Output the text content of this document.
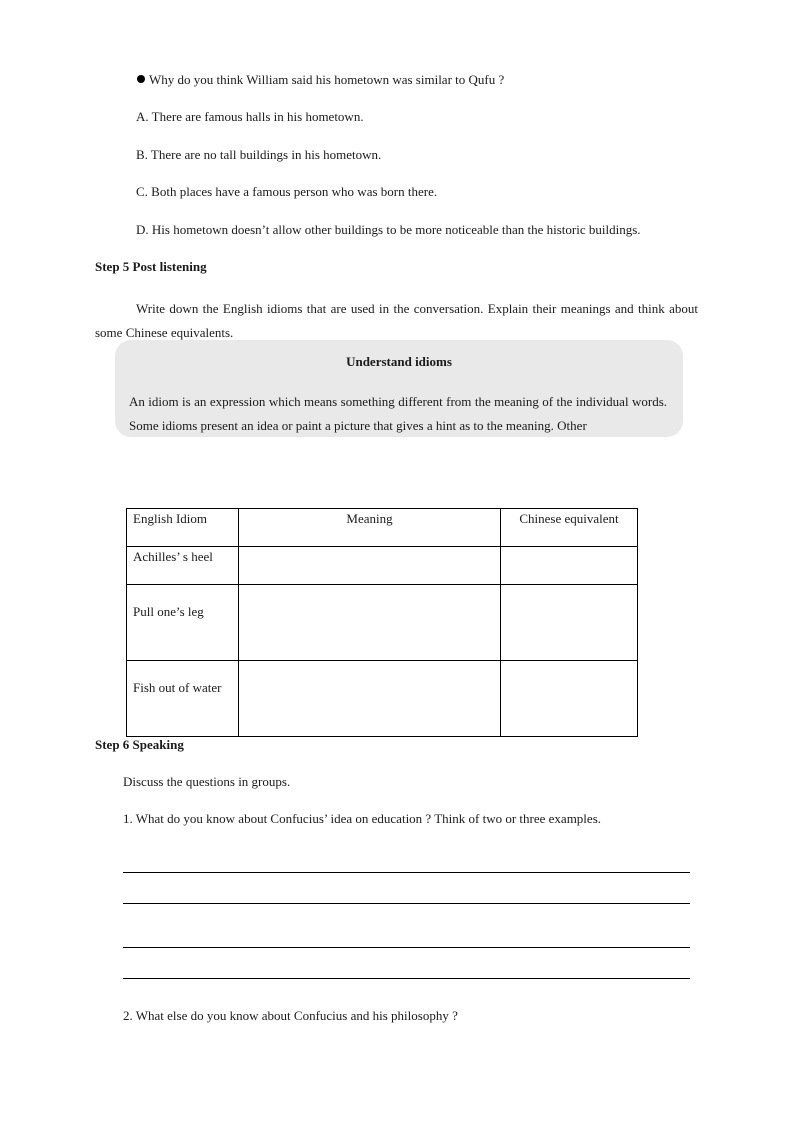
Why do you think William said his hometown was similar to Qufu ?
A. There are famous halls in his hometown.
B. There are no tall buildings in his hometown.
C. Both places have a famous person who was born there.
D. His hometown doesn’t allow other buildings to be more noticeable than the historic buildings.
Step 5 Post listening
Write down the English idioms that are used in the conversation. Explain their meanings and think about some Chinese equivalents.
Understand idioms
An idiom is an expression which means something different from the meaning of the individual words. Some idioms present an idea or paint a picture that gives a hint as to the meaning. Other
English Idiom	Meaning	Chinese equivalent
Achilles’ s heel		
Pull one’s leg		
Fish out of water		
Step 6 Speaking
Discuss the questions in groups.
1. What do you know about Confucius’ idea on education ? Think of two or three examples.
2. What else do you know about Confucius and his philosophy ?
